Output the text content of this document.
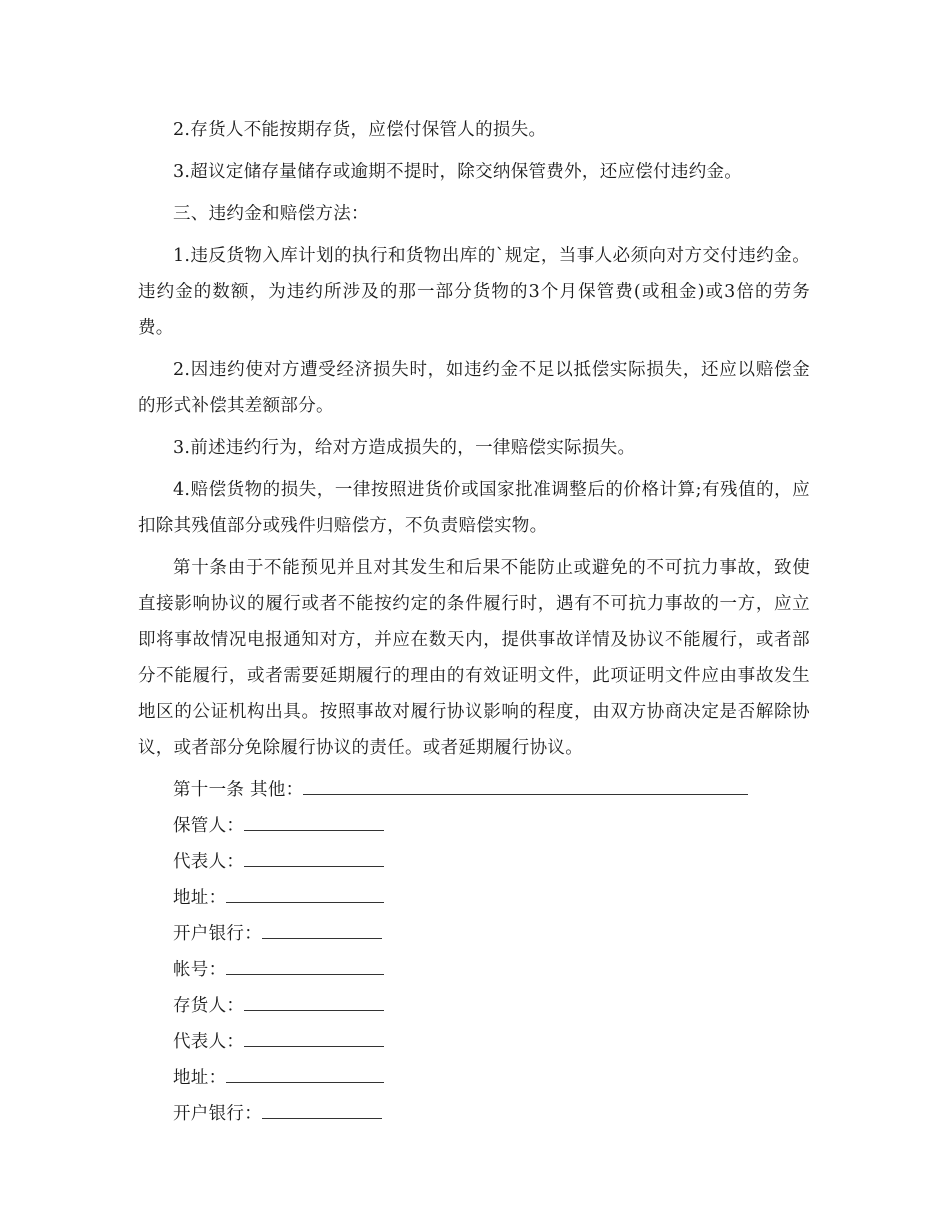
2.存货人不能按期存货，应偿付保管人的损失。

3.超议定储存量储存或逾期不提时，除交纳保管费外，还应偿付违约金。

三、违约金和赔偿方法：

1.违反货物入库计划的执行和货物出库的`规定，当事人必须向对方交付违约金。违约金的数额，为违约所涉及的那一部分货物的3个月保管费(或租金)或3倍的劳务费。

2.因违约使对方遭受经济损失时，如违约金不足以抵偿实际损失，还应以赔偿金的形式补偿其差额部分。

3.前述违约行为，给对方造成损失的，一律赔偿实际损失。

4.赔偿货物的损失，一律按照进货价或国家批准调整后的价格计算;有残值的，应扣除其残值部分或残件归赔偿方，不负责赔偿实物。

第十条由于不能预见并且对其发生和后果不能防止或避免的不可抗力事故，致使直接影响协议的履行或者不能按约定的条件履行时，遇有不可抗力事故的一方，应立即将事故情况电报通知对方，并应在数天内，提供事故详情及协议不能履行，或者部分不能履行，或者需要延期履行的理由的有效证明文件，此项证明文件应由事故发生地区的公证机构出具。按照事故对履行协议影响的程度，由双方协商决定是否解除协议，或者部分免除履行协议的责任。或者延期履行协议。

第十一条 其他：
保管人：
代表人：
地址：
开户银行：
帐号：
存货人：
代表人：
地址：
开户银行：
